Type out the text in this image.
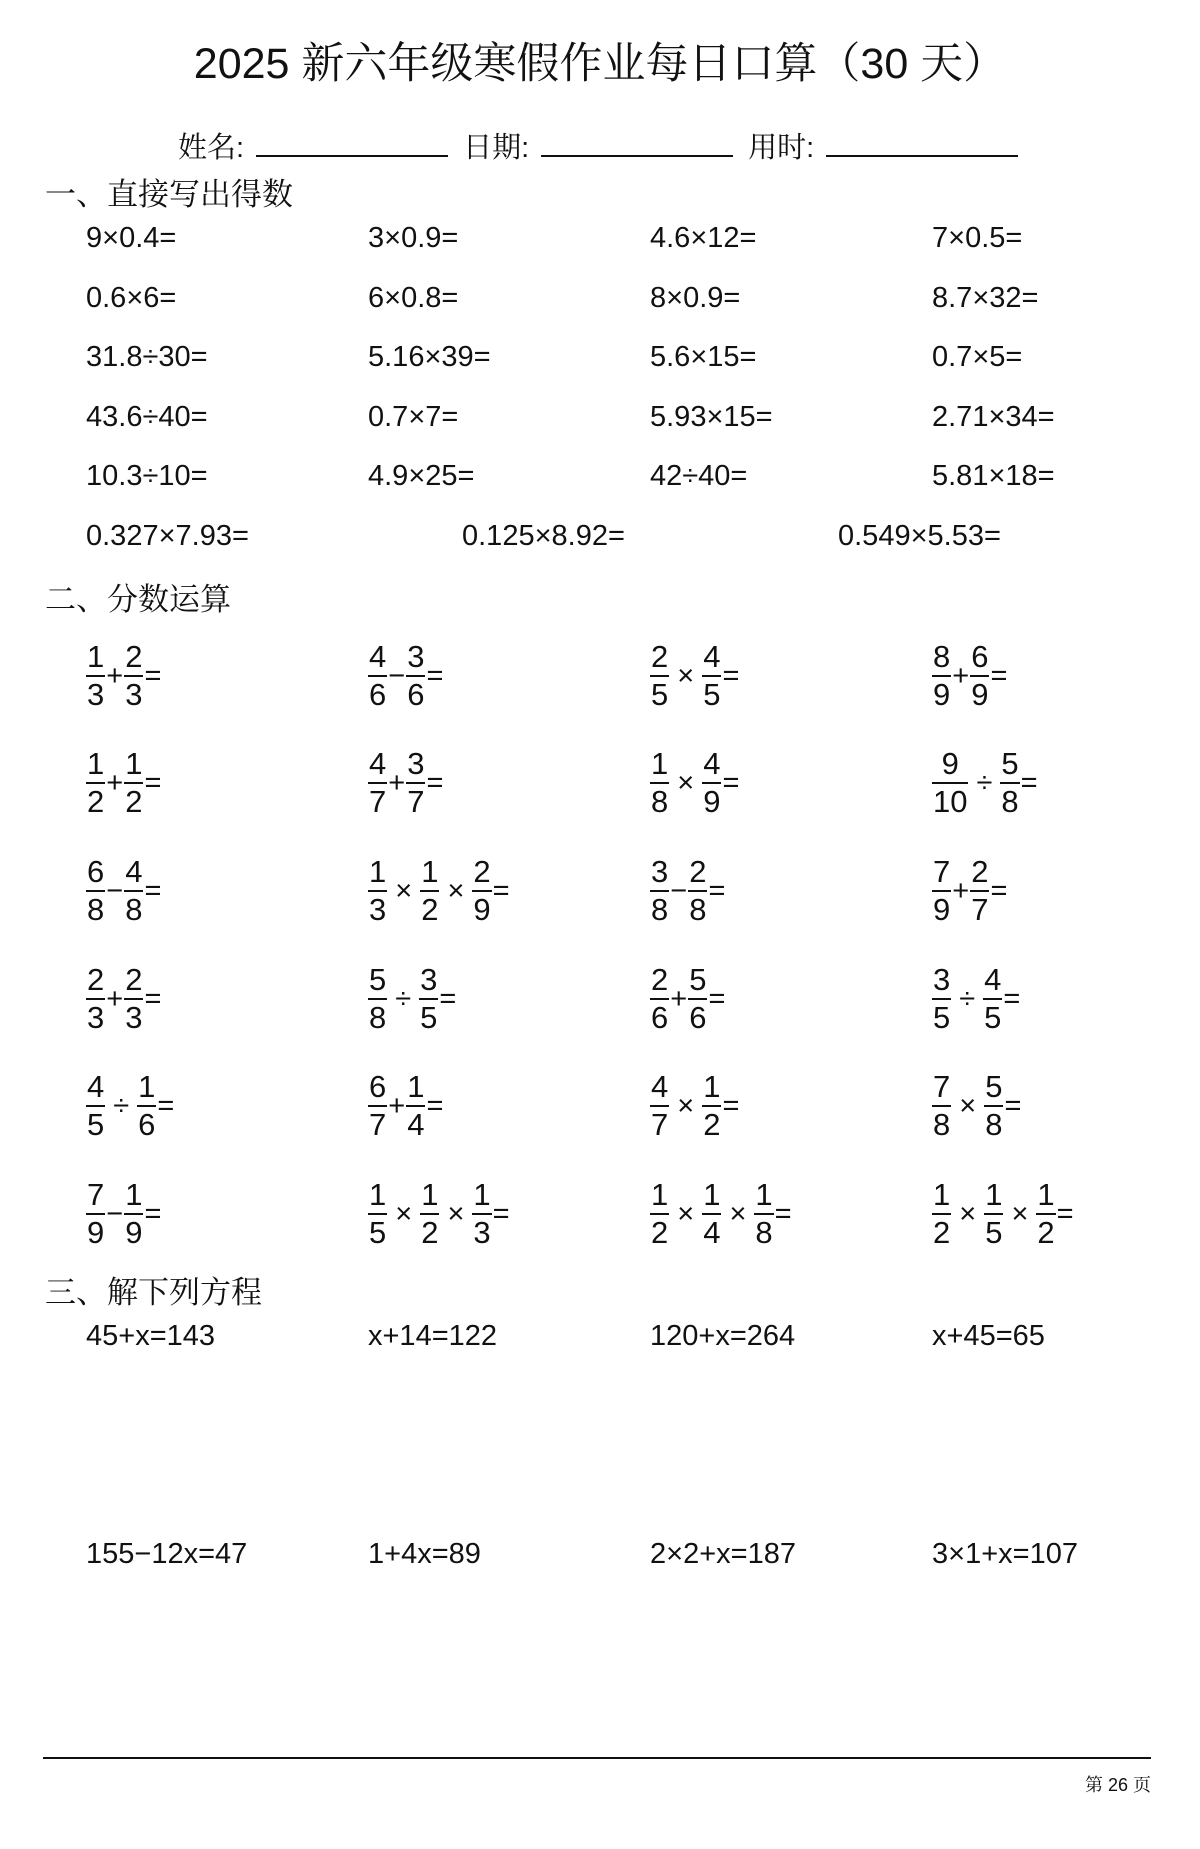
2025 新六年级寒假作业每日口算（30 天）
姓名:	日期:	用时:
一、直接写出得数
9×0.4=	3×0.9=	4.6×12=	7×0.5=
0.6×6=	6×0.8=	8×0.9=	8.7×32=
31.8÷30=	5.16×39=	5.6×15=	0.7×5=
43.6÷40=	0.7×7=	5.93×15=	2.71×34=
10.3÷10=	4.9×25=	42÷40=	5.81×18=
0.327×7.93=	0.125×8.92=	0.549×5.53=
二、分数运算
$\frac{1}{3} + \frac{2}{3}$ =	$\frac{4}{6} - \frac{3}{6}$ =	$\frac{2}{5} \times \frac{4}{5}$ =	$\frac{8}{9} + \frac{6}{9}$ =
$\frac{1}{2} + \frac{1}{2}$ =	$\frac{4}{7} + \frac{3}{7}$ =	$\frac{1}{8} \times \frac{4}{9}$ =	$\frac{9}{10} \div \frac{5}{8}$ =
$\frac{6}{8} - \frac{4}{8}$ =	$\frac{1}{3} \times \frac{1}{2} \times \frac{2}{9}$ =	$\frac{3}{8} - \frac{2}{8}$ =	$\frac{7}{9} + \frac{2}{7}$ =
$\frac{2}{3} + \frac{2}{3}$ =	$\frac{5}{8} \div \frac{3}{5}$ =	$\frac{2}{6} + \frac{5}{6}$ =	$\frac{3}{5} \div \frac{4}{5}$ =
$\frac{4}{5} \div \frac{1}{6}$ =	$\frac{6}{7} + \frac{1}{4}$ =	$\frac{4}{7} \times \frac{1}{2}$ =	$\frac{7}{8} \times \frac{5}{8}$ =
$\frac{7}{9} - \frac{1}{9}$ =	$\frac{1}{5} \times \frac{1}{2} \times \frac{1}{3}$ =	$\frac{1}{2} \times \frac{1}{4} \times \frac{1}{8}$ =	$\frac{1}{2} \times \frac{1}{5} \times \frac{1}{2}$ =
三、解下列方程
45+x=143	x+14=122	120+x=264	x+45=65
155−12x=47	1+4x=89	2×2+x=187	3×1+x=107
第 26 页
